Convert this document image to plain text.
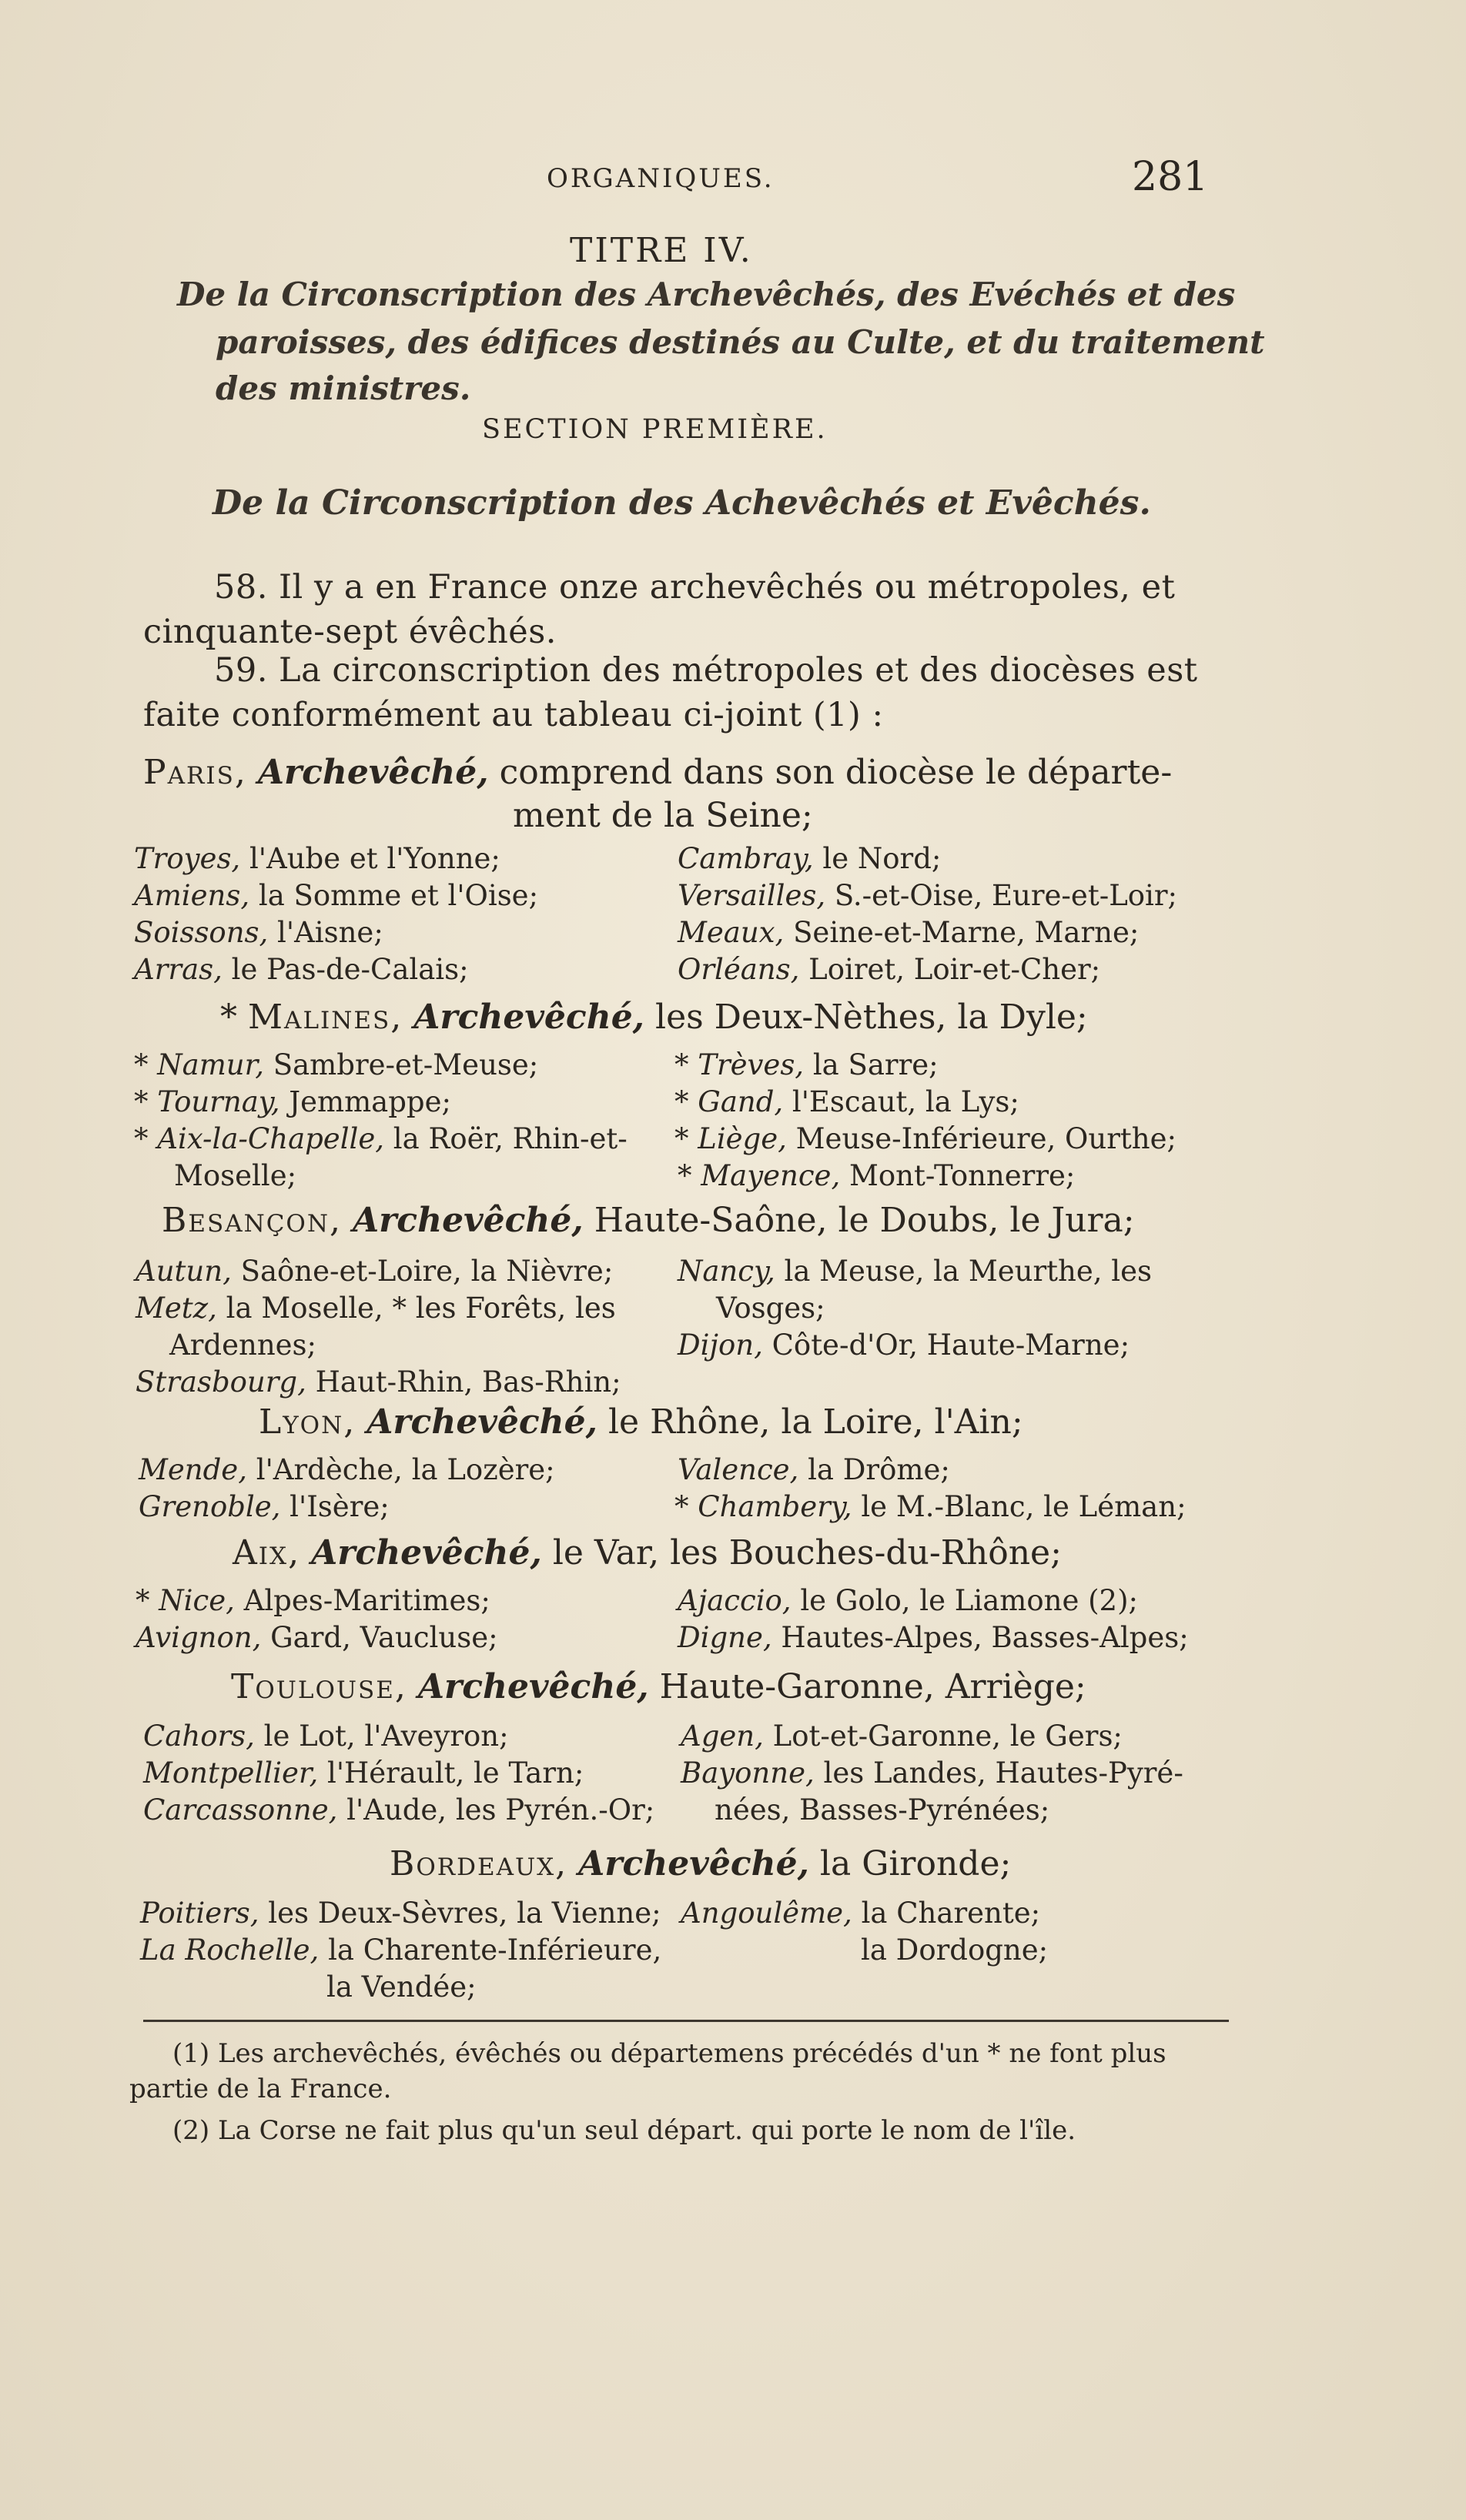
ORGANIQUES.	281
TITRE IV.
De la Circonscription des Archevêchés, des Evéchés et des
paroisses, des édifices destinés au Culte, et du traitement
des ministres.
SECTION PREMIÈRE.
De la Circonscription des Achevêchés et Evêchés.
58. Il y a en France onze archevêchés ou métropoles, et
cinquante-sept évêchés.
59. La circonscription des métropoles et des diocèses est
faite conformément au tableau ci-joint (1) :
Paris, Archevêché, comprend dans son diocèse le départe-
ment de la Seine;
Troyes, l'Aube et l'Yonne;
Amiens, la Somme et l'Oise;
Soissons, l'Aisne;
Arras, le Pas-de-Calais;
Cambray, le Nord;
Versailles, S.-et-Oise, Eure-et-Loir;
Meaux, Seine-et-Marne, Marne;
Orléans, Loiret, Loir-et-Cher;
* Malines, Archevêché, les Deux-Nèthes, la Dyle;
* Namur, Sambre-et-Meuse;
* Tournay, Jemmappe;
* Aix-la-Chapelle, la Roër, Rhin-et-
Moselle;
* Trèves, la Sarre;
* Gand, l'Escaut, la Lys;
* Liège, Meuse-Inférieure, Ourthe;
* Mayence, Mont-Tonnerre;
Besançon, Archevêché, Haute-Saône, le Doubs, le Jura;
Autun, Saône-et-Loire, la Nièvre;
Metz, la Moselle, * les Forêts, les
Ardennes;
Strasbourg, Haut-Rhin, Bas-Rhin;
Nancy, la Meuse, la Meurthe, les
Vosges;
Dijon, Côte-d'Or, Haute-Marne;
Lyon, Archevêché, le Rhône, la Loire, l'Ain;
Mende, l'Ardèche, la Lozère;
Grenoble, l'Isère;
Valence, la Drôme;
* Chambery, le M.-Blanc, le Léman;
Aix, Archevêché, le Var, les Bouches-du-Rhône;
* Nice, Alpes-Maritimes;
Avignon, Gard, Vaucluse;
Ajaccio, le Golo, le Liamone (2);
Digne, Hautes-Alpes, Basses-Alpes;
Toulouse, Archevêché, Haute-Garonne, Arriège;
Cahors, le Lot, l'Aveyron;
Montpellier, l'Hérault, le Tarn;
Carcassonne, l'Aude, les Pyrén.-Or;
Agen, Lot-et-Garonne, le Gers;
Bayonne, les Landes, Hautes-Pyré-
nées, Basses-Pyrénées;
Bordeaux, Archevêché, la Gironde;
Poitiers, les Deux-Sèvres, la Vienne;
La Rochelle, la Charente-Inférieure,
la Vendée;
Angoulême, la Charente;
la Dordogne;
(1) Les archevêchés, évêchés ou départemens précédés d'un * ne font plus
partie de la France.
(2) La Corse ne fait plus qu'un seul départ. qui porte le nom de l'île.
